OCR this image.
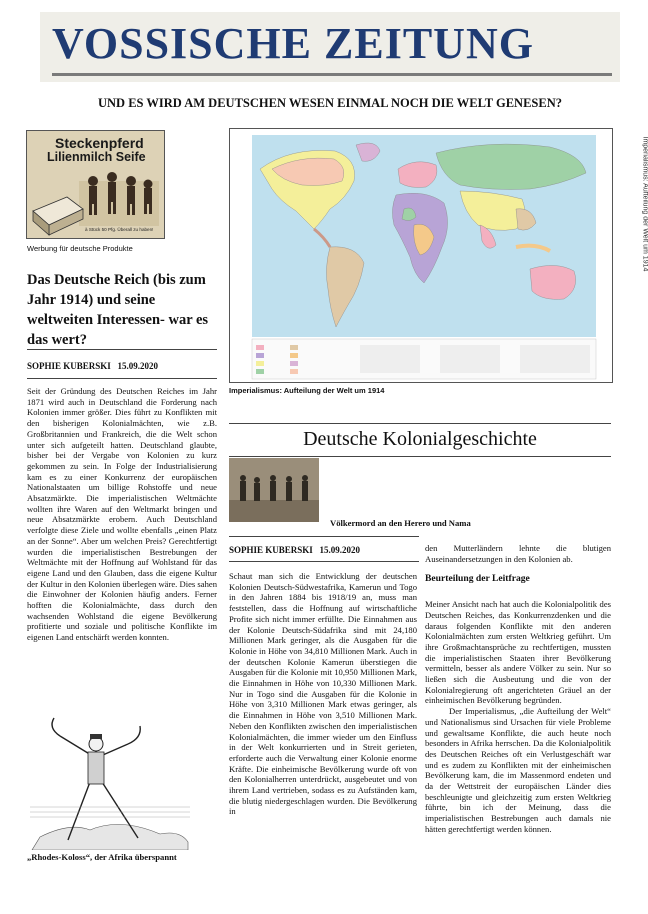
VOSSISCHE ZEITUNG
UND ES WIRD AM DEUTSCHEN WESEN EINMAL NOCH DIE WELT GENESEN?
Steckenpferd
Lilienmilch Seife
à Stück 50 Pfg. Überall zu haben!
Werbung für deutsche Produkte
Das Deutsche Reich (bis zum Jahr 1914) und seine weltweiten Interessen- war es das wert?
SOPHIE KUBERSKI   15.09.2020

Seit der Gründung des Deutschen Reiches im Jahr 1871 wird auch in Deutschland die Forderung nach Kolonien immer größer. Dies führt zu Konflikten mit den bisherigen Kolonialmächten, wie z.B. Großbritannien und Frankreich, die die Welt schon unter sich aufgeteilt hatten. Deutschland glaubte, bisher bei der Vergabe von Kolonien zu kurz gekommen zu sein. In Folge der Industrialisierung kam es zu einer Konkurrenz der europäischen Nationalstaaten um billige Rohstoffe und neue Absatzmärkte. Die imperialistischen Weltmächte wollten ihre Waren auf den Weltmarkt bringen und neue Absatzmärkte erobern. Auch Deutschland verfolgte diese Ziele und wollte ebenfalls „einen Platz an der Sonne“. Aber um welchen Preis? Gerechtfertigt wurden die imperialistischen Bestrebungen der Weltmächte mit der Hoffnung auf Wohlstand für das eigene Land und den Glauben, dass die eigene Kultur der Kultur in den Kolonien überlegen wäre. Dies sahen die Einwohner der Kolonien häufig anders. Ferner hofften die Kolonialmächte, dass durch den wachsenden Wohlstand die eigene Bevölkerung profitierte und soziale und politische Konflikte im eigenen Land entschärft werden konnten.

„Rhodes-Koloss“, der Afrika überspannt
Imperialismus: Aufteilung der Welt um 1914
Imperialismus: Aufteilung der Welt um 1914
Deutsche Kolonialgeschichte
Völkermord an den Herero und Nama
SOPHIE KUBERSKI   15.09.2020

Schaut man sich die Entwicklung der deutschen Kolonien Deutsch-Südwestafrika, Kamerun und Togo in den Jahren 1884 bis 1918/19 an, muss man feststellen, dass die Hoffnung auf wirtschaftliche Profite sich nicht immer erfüllte. Die Einnahmen aus der Kolonie Deutsch-Südafrika sind mit 24,180 Millionen Mark geringer, als die Ausgaben für die Kolonie in Höhe von 34,810 Millionen Mark. Auch in der deutschen Kolonie Kamerun überstiegen die Ausgaben für die Kolonie mit 10,950 Millionen Mark, die Einnahmen in Höhe von 10,330 Millionen Mark. Nur in Togo sind die Ausgaben für die Kolonie in Höhe von 3,310 Millionen Mark etwas geringer, als die Einnahmen in Höhe von 3,510 Millionen Mark. Neben den Konflikten zwischen den imperialistischen Kolonialmächten, die immer wieder um den Einfluss in der Welt konkurrierten und in Streit gerieten, erforderte auch die Verwaltung einer Kolonie enorme Kräfte. Die einheimische Bevölkerung wurde oft von den Kolonialherren unterdrückt, ausgebeutet und von ihrem Land vertrieben, sodass es zu Aufständen kam, die blutig niedergeschlagen wurden. Die Bevölkerung in

den Mutterländern lehnte die blutigen Auseinandersetzungen in den Kolonien ab.

Beurteilung der Leitfrage

Meiner Ansicht nach hat auch die Kolonialpolitik des Deutschen Reiches, das Konkurrenzdenken und die daraus folgenden Konflikte mit den anderen Kolonialmächten zum ersten Weltkrieg geführt. Um ihre Großmachtansprüche zu rechtfertigen, mussten die imperialistischen Staaten ihrer Bevölkerung vermitteln, besser als andere Völker zu sein. Nur so ließen sich die Ausbeutung und die von der Kolonialregierung oft angerichteten Gräuel an der einheimischen Bevölkerung begründen.

Der Imperialismus, „die Aufteilung der Welt“ und Nationalismus sind Ursachen für viele Probleme und gewaltsame Konflikte, die auch heute noch besonders in Afrika herrschen. Da die Kolonialpolitik des Deutschen Reiches oft ein Verlustgeschäft war und es zudem zu Konflikten mit der einheimischen Bevölkerung kam, die im Massenmord endeten und da der Wettstreit der europäischen Länder dies beschleunigte und gleichzeitig zum ersten Weltkrieg führte, bin ich der Meinung, dass die imperialistischen Bestrebungen auch damals nie hätten gerechtfertigt werden können.
